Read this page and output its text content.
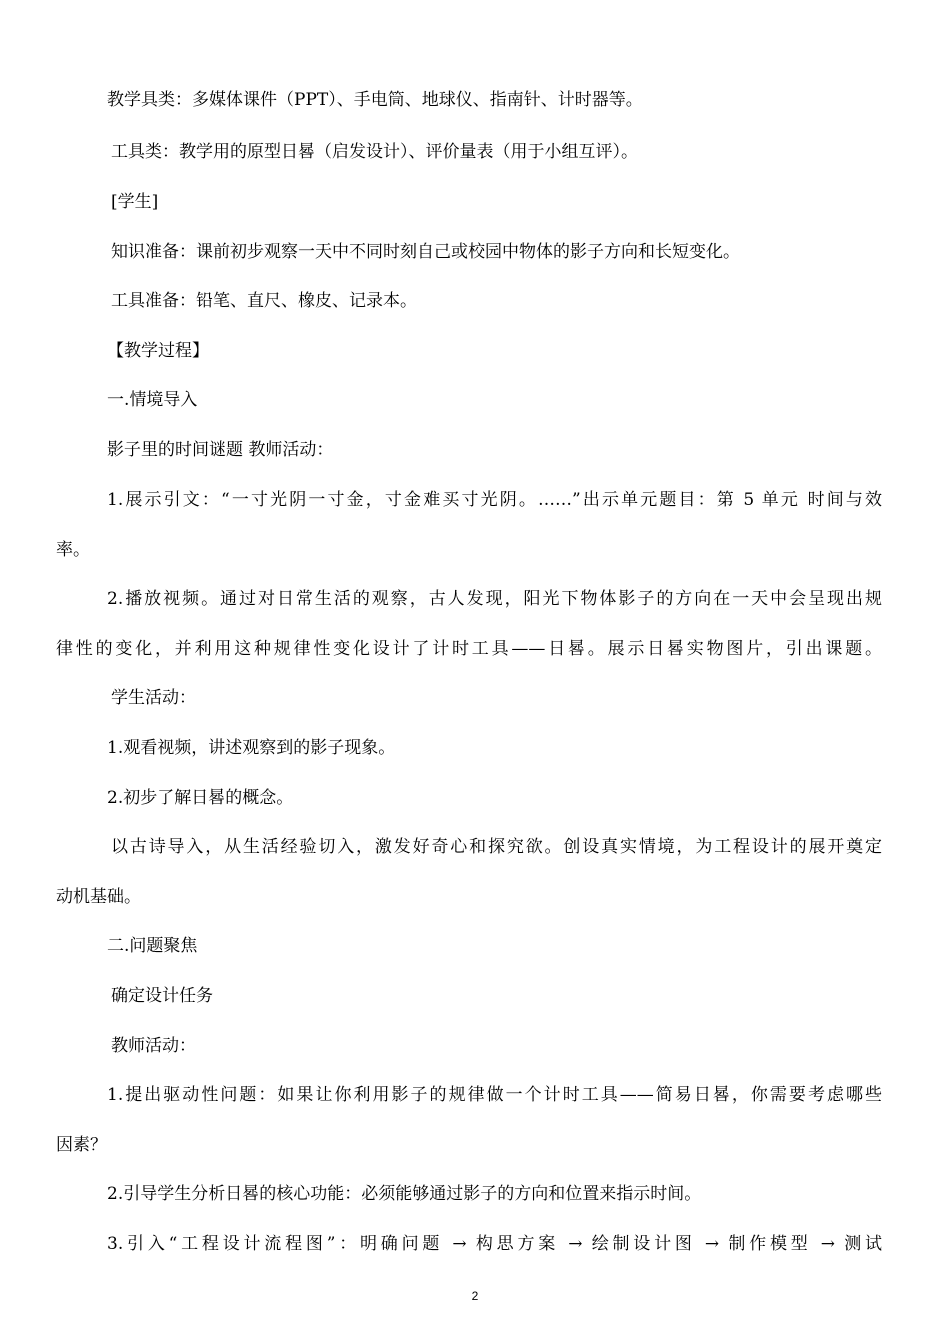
教学具类：多媒体课件（PPT）、手电筒、地球仪、指南针、计时器等。
工具类：教学用的原型日晷（启发设计）、评价量表（用于小组互评）。
[学生]
知识准备：课前初步观察一天中不同时刻自己或校园中物体的影子方向和长短变化。
工具准备：铅笔、直尺、橡皮、记录本。
【教学过程】
一.情境导入
影子里的时间谜题 教师活动：
1.展示引文：“一寸光阴一寸金，寸金难买寸光阴。……”出示单元题目：第 5 单元 时间与效
率。
2.播放视频。通过对日常生活的观察，古人发现，阳光下物体影子的方向在一天中会呈现出规
律性的变化，并利用这种规律性变化设计了计时工具——日晷。展示日晷实物图片，引出课题。
学生活动：
1.观看视频，讲述观察到的影子现象。
2.初步了解日晷的概念。
以古诗导入，从生活经验切入，激发好奇心和探究欲。创设真实情境，为工程设计的展开奠定
动机基础。
二.问题聚焦
确定设计任务
教师活动：
1.提出驱动性问题：如果让你利用影子的规律做一个计时工具——简易日晷，你需要考虑哪些
因素？
2.引导学生分析日晷的核心功能：必须能够通过影子的方向和位置来指示时间。
3.引入“工程设计流程图”：明确问题 → 构思方案 → 绘制设计图 → 制作模型 → 测试
2
